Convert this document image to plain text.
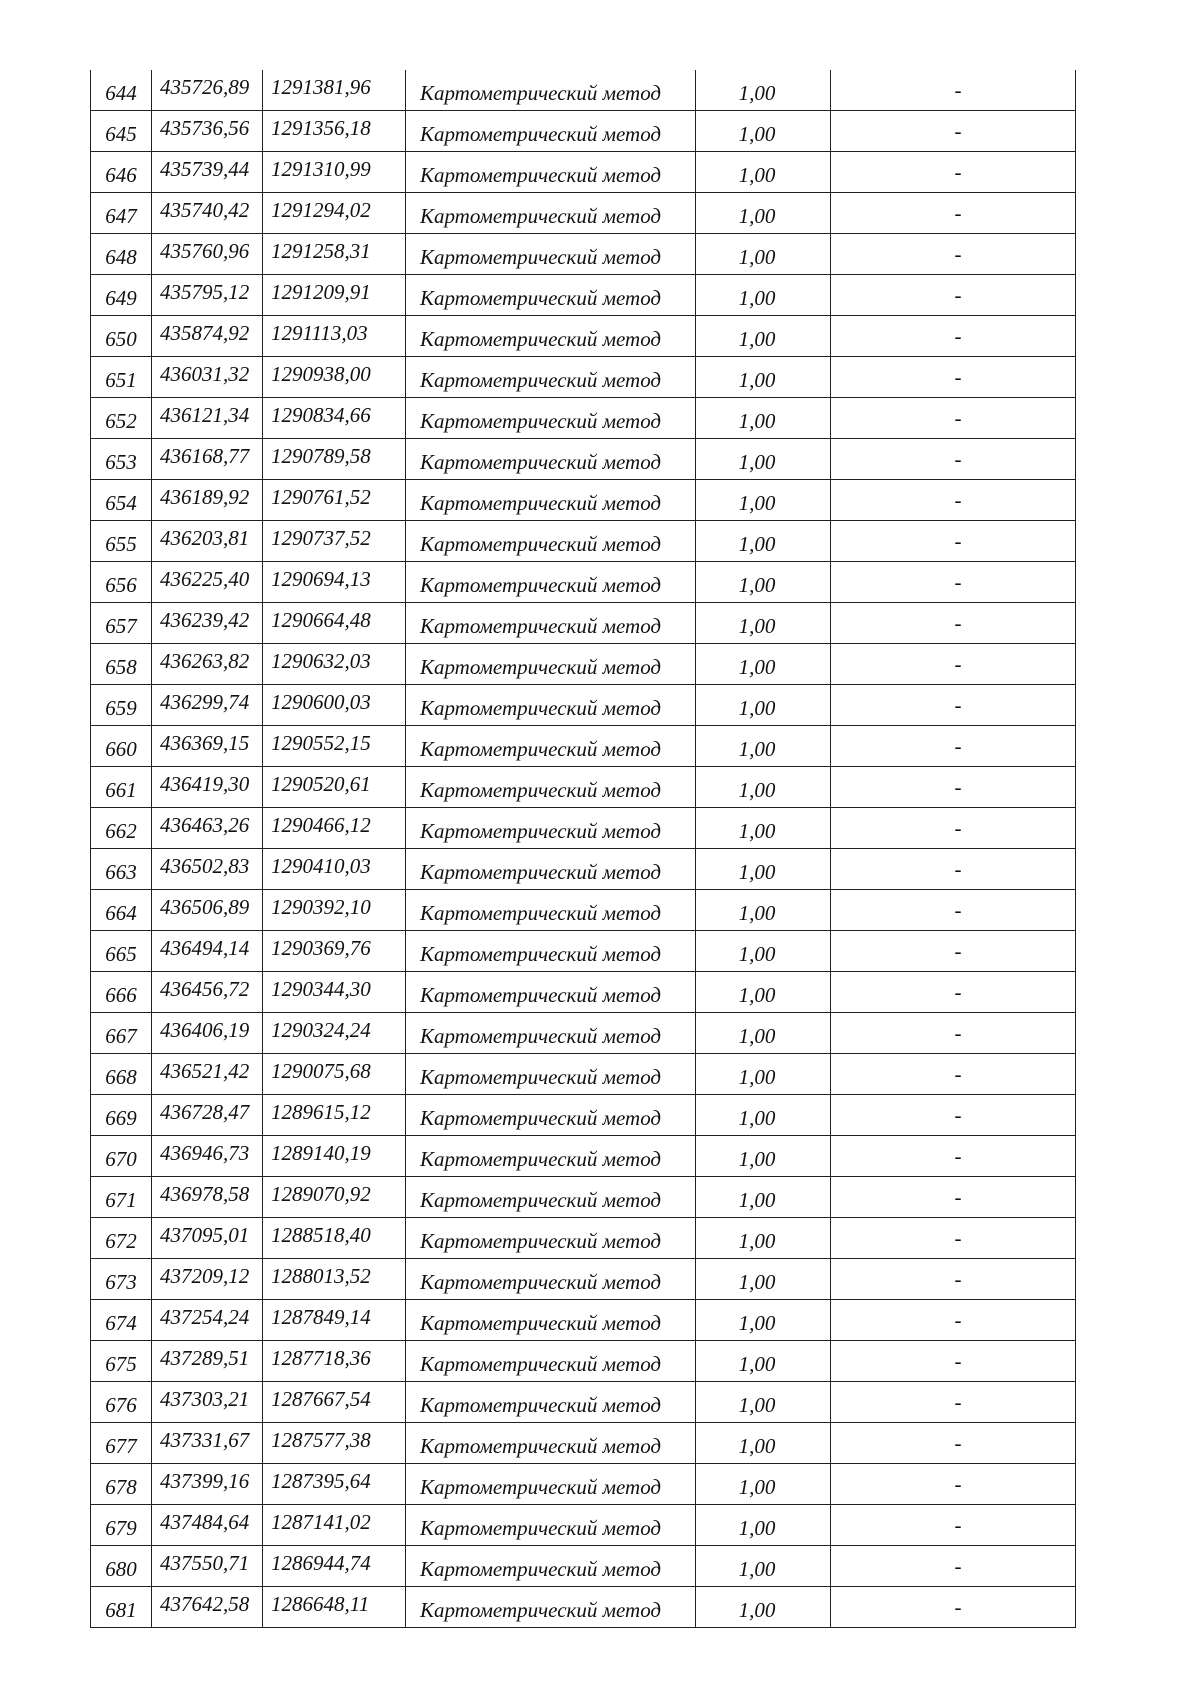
644	435726,89	1291381,96	Картометрический метод	1,00	-
645	435736,56	1291356,18	Картометрический метод	1,00	-
646	435739,44	1291310,99	Картометрический метод	1,00	-
647	435740,42	1291294,02	Картометрический метод	1,00	-
648	435760,96	1291258,31	Картометрический метод	1,00	-
649	435795,12	1291209,91	Картометрический метод	1,00	-
650	435874,92	1291113,03	Картометрический метод	1,00	-
651	436031,32	1290938,00	Картометрический метод	1,00	-
652	436121,34	1290834,66	Картометрический метод	1,00	-
653	436168,77	1290789,58	Картометрический метод	1,00	-
654	436189,92	1290761,52	Картометрический метод	1,00	-
655	436203,81	1290737,52	Картометрический метод	1,00	-
656	436225,40	1290694,13	Картометрический метод	1,00	-
657	436239,42	1290664,48	Картометрический метод	1,00	-
658	436263,82	1290632,03	Картометрический метод	1,00	-
659	436299,74	1290600,03	Картометрический метод	1,00	-
660	436369,15	1290552,15	Картометрический метод	1,00	-
661	436419,30	1290520,61	Картометрический метод	1,00	-
662	436463,26	1290466,12	Картометрический метод	1,00	-
663	436502,83	1290410,03	Картометрический метод	1,00	-
664	436506,89	1290392,10	Картометрический метод	1,00	-
665	436494,14	1290369,76	Картометрический метод	1,00	-
666	436456,72	1290344,30	Картометрический метод	1,00	-
667	436406,19	1290324,24	Картометрический метод	1,00	-
668	436521,42	1290075,68	Картометрический метод	1,00	-
669	436728,47	1289615,12	Картометрический метод	1,00	-
670	436946,73	1289140,19	Картометрический метод	1,00	-
671	436978,58	1289070,92	Картометрический метод	1,00	-
672	437095,01	1288518,40	Картометрический метод	1,00	-
673	437209,12	1288013,52	Картометрический метод	1,00	-
674	437254,24	1287849,14	Картометрический метод	1,00	-
675	437289,51	1287718,36	Картометрический метод	1,00	-
676	437303,21	1287667,54	Картометрический метод	1,00	-
677	437331,67	1287577,38	Картометрический метод	1,00	-
678	437399,16	1287395,64	Картометрический метод	1,00	-
679	437484,64	1287141,02	Картометрический метод	1,00	-
680	437550,71	1286944,74	Картометрический метод	1,00	-
681	437642,58	1286648,11	Картометрический метод	1,00	-
